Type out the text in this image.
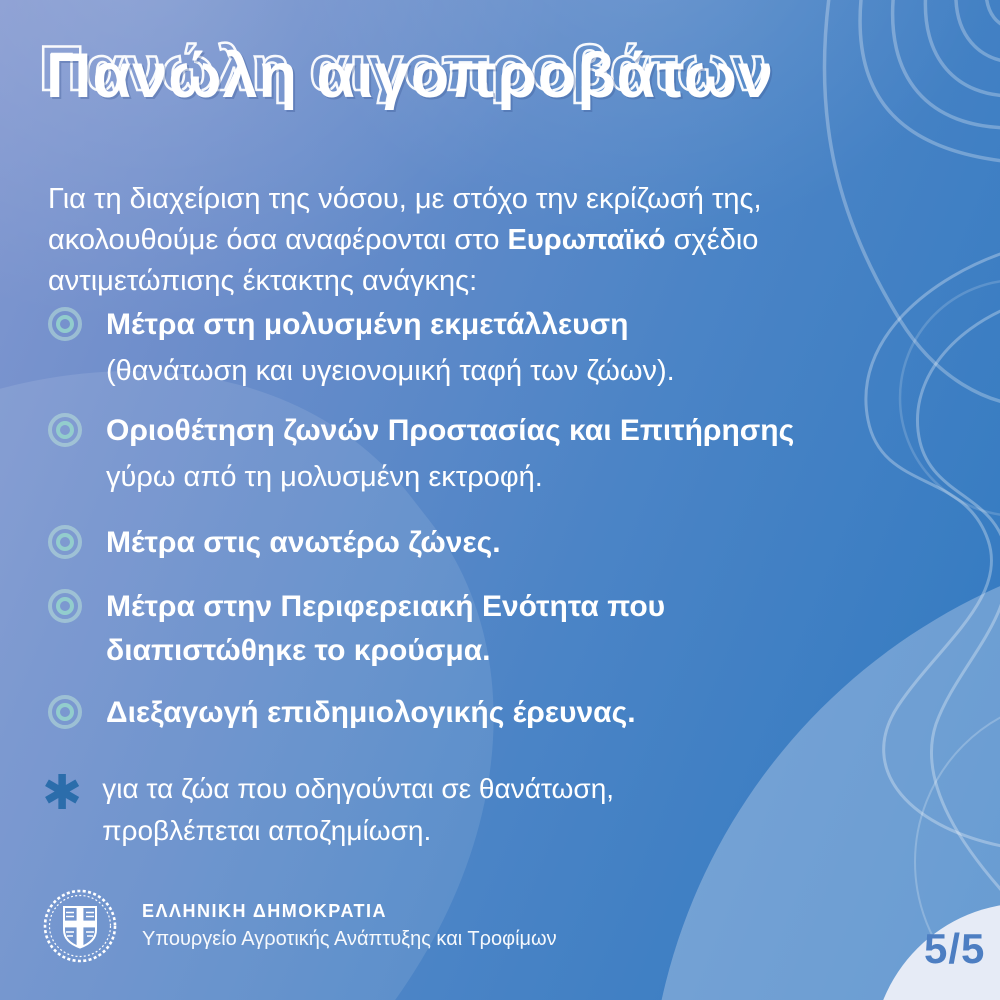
5/5
Πανώλη αιγοπροβάτων Πανώλη αιγοπροβάτων

Για τη διαχείριση της νόσου, με στόχο την εκρίζωσή της, ακολουθούμε όσα αναφέρονται στο Ευρωπαϊκό σχέδιο αντιμετώπισης έκτακτης ανάγκης:

Μέτρα στη μολυσμένη εκμετάλλευση
(θανάτωση και υγειονομική ταφή των ζώων).
Οριοθέτηση ζωνών Προστασίας και Επιτήρησης
γύρω από τη μολυσμένη εκτροφή.
Μέτρα στις ανωτέρω ζώνες.
Μέτρα στην Περιφερειακή Ενότητα που διαπιστώθηκε το κρούσμα.
Διεξαγωγή επιδημιολογικής έρευνας.
✱ για τα ζώα που οδηγούνται σε θανάτωση,
προβλέπεται αποζημίωση.
ΕΛΛΗΝΙΚΗ ΔΗΜΟΚΡΑΤΙΑ
Υπουργείο Αγροτικής Ανάπτυξης και Τροφίμων
